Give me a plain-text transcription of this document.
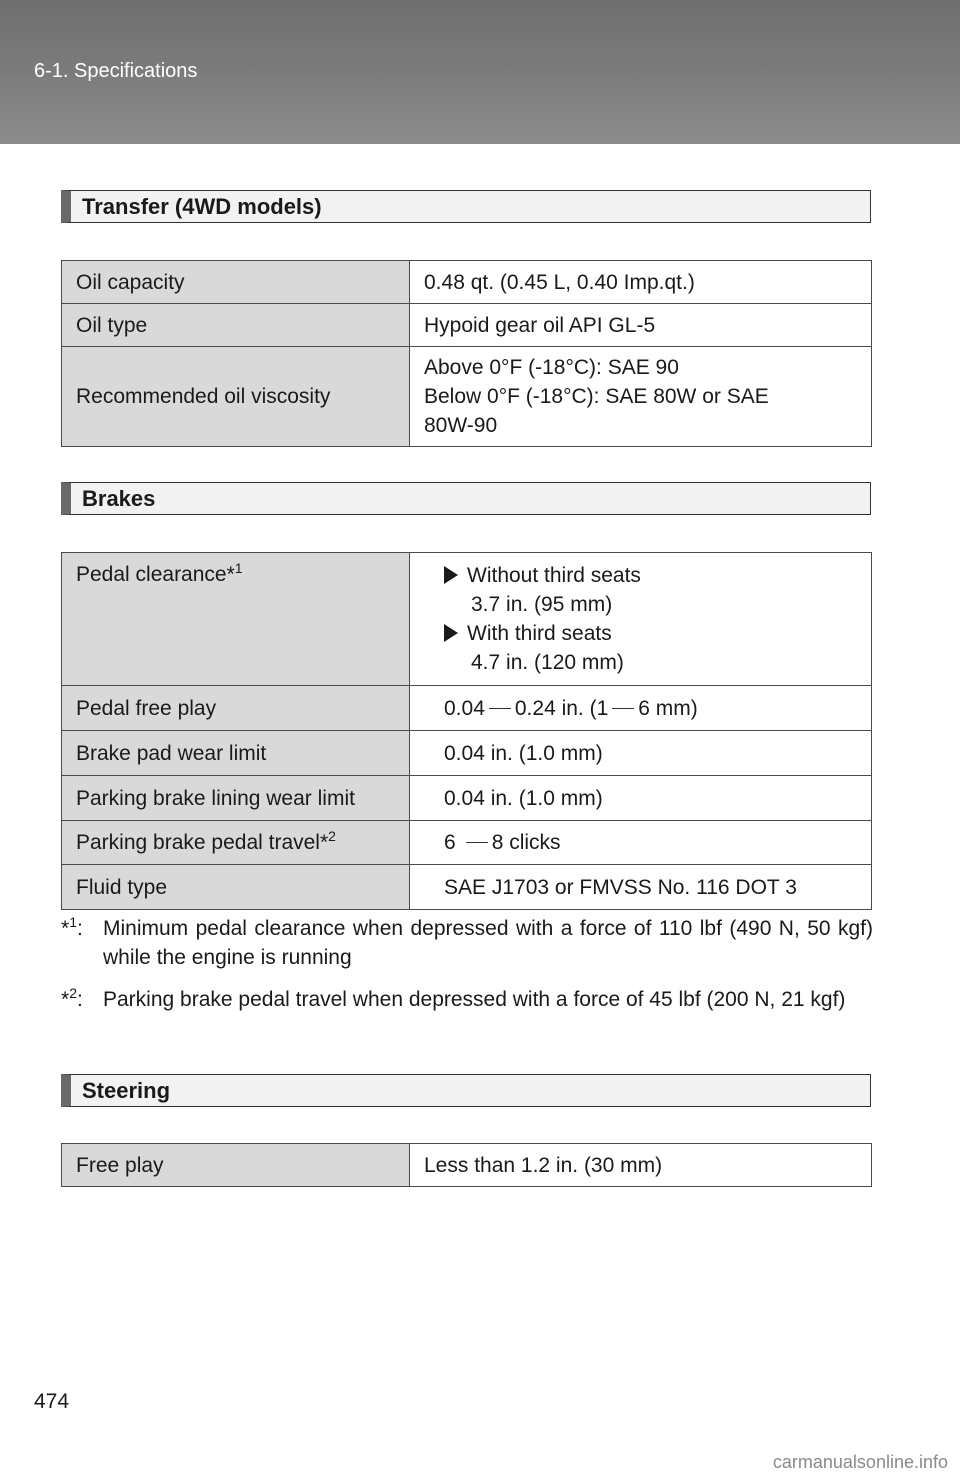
6-1. Specifications
Transfer (4WD models)
Oil capacity	0.48 qt. (0.45 L, 0.40 Imp.qt.)
Oil type	Hypoid gear oil API GL-5
Recommended oil viscosity	Above 0°F (-18°C): SAE 90
Below 0°F (-18°C): SAE 80W or SAE
80W-90
Brakes
Pedal clearance*$^1$	Without third seats
3.7 in. (95 mm)
With third seats
4.7 in. (120 mm)

Pedal free play	0.04 0.24 in. (1 6 mm)
Brake pad wear limit	0.04 in. (1.0 mm)
Parking brake lining wear limit	0.04 in. (1.0 mm)
Parking brake pedal travel*$^2$	6 8 clicks
Fluid type	SAE J1703 or FMVSS No. 116 DOT 3
*$^1$: Minimum pedal clearance when depressed with a force of 110 lbf (490 N, 50 kgf) while the engine is running
*$^2$: Parking brake pedal travel when depressed with a force of 45 lbf (200 N, 21 kgf)
Steering
Free play	Less than 1.2 in. (30 mm)
474
carmanualsonline.info
